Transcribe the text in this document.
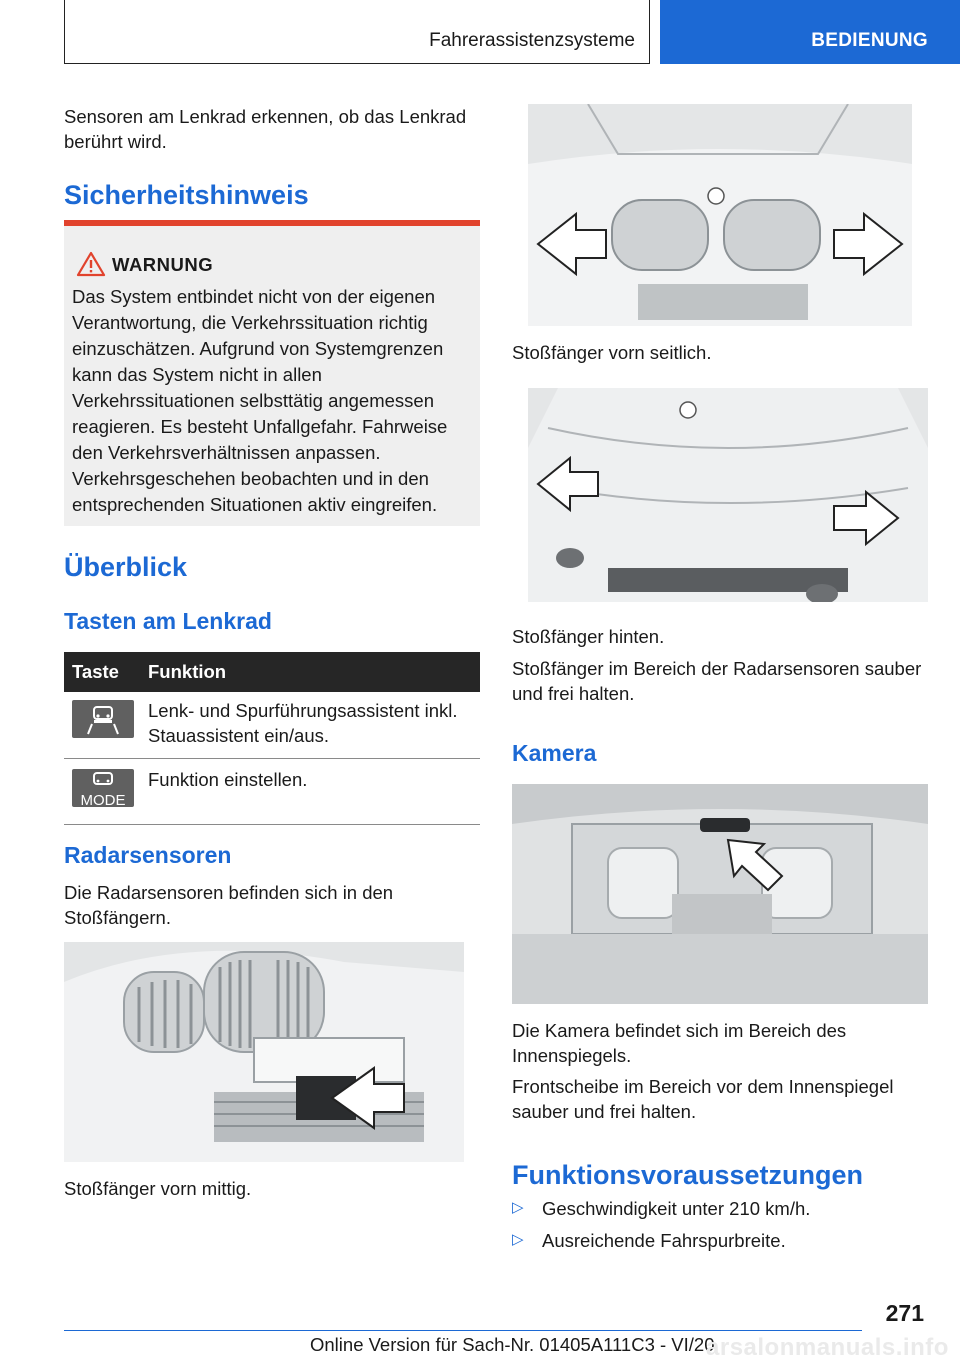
Fahrerassistenzsysteme	BEDIENUNG
Sensoren am Lenkrad erkennen, ob das Lenkrad berührt wird.
Sicherheitshinweis
WARNUNG
Das System entbindet nicht von der eigenen Verantwortung, die Verkehrssituation richtig einzuschätzen. Aufgrund von Systemgrenzen kann das System nicht in allen Verkehrssituationen selbsttätig angemessen reagieren. Es besteht Unfallgefahr. Fahrweise den Verkehrsverhältnissen anpassen. Verkehrsgeschehen beobachten und in den entsprechenden Situationen aktiv eingreifen.
Überblick
Tasten am Lenkrad
Taste	Funktion

	Lenk- und Spurführungsassistent inkl. Stauassistent ein/aus.

MODE	Funktion einstellen.
Radarsensoren
Die Radarsensoren befinden sich in den Stoßfängern.
Stoßfänger vorn mittig.
Stoßfänger vorn seitlich.
Stoßfänger hinten.
Stoßfänger im Bereich der Radarsensoren sauber und frei halten.
Kamera
Die Kamera befindet sich im Bereich des Innenspiegels.
Frontscheibe im Bereich vor dem Innenspiegel sauber und frei halten.
Funktionsvoraussetzungen
▷ Geschwindigkeit unter 210 km/h.
▷ Ausreichende Fahrspurbreite.
271
Online Version für Sach-Nr. 01405A111C3 - VI/20
arsalonmanuals.info
